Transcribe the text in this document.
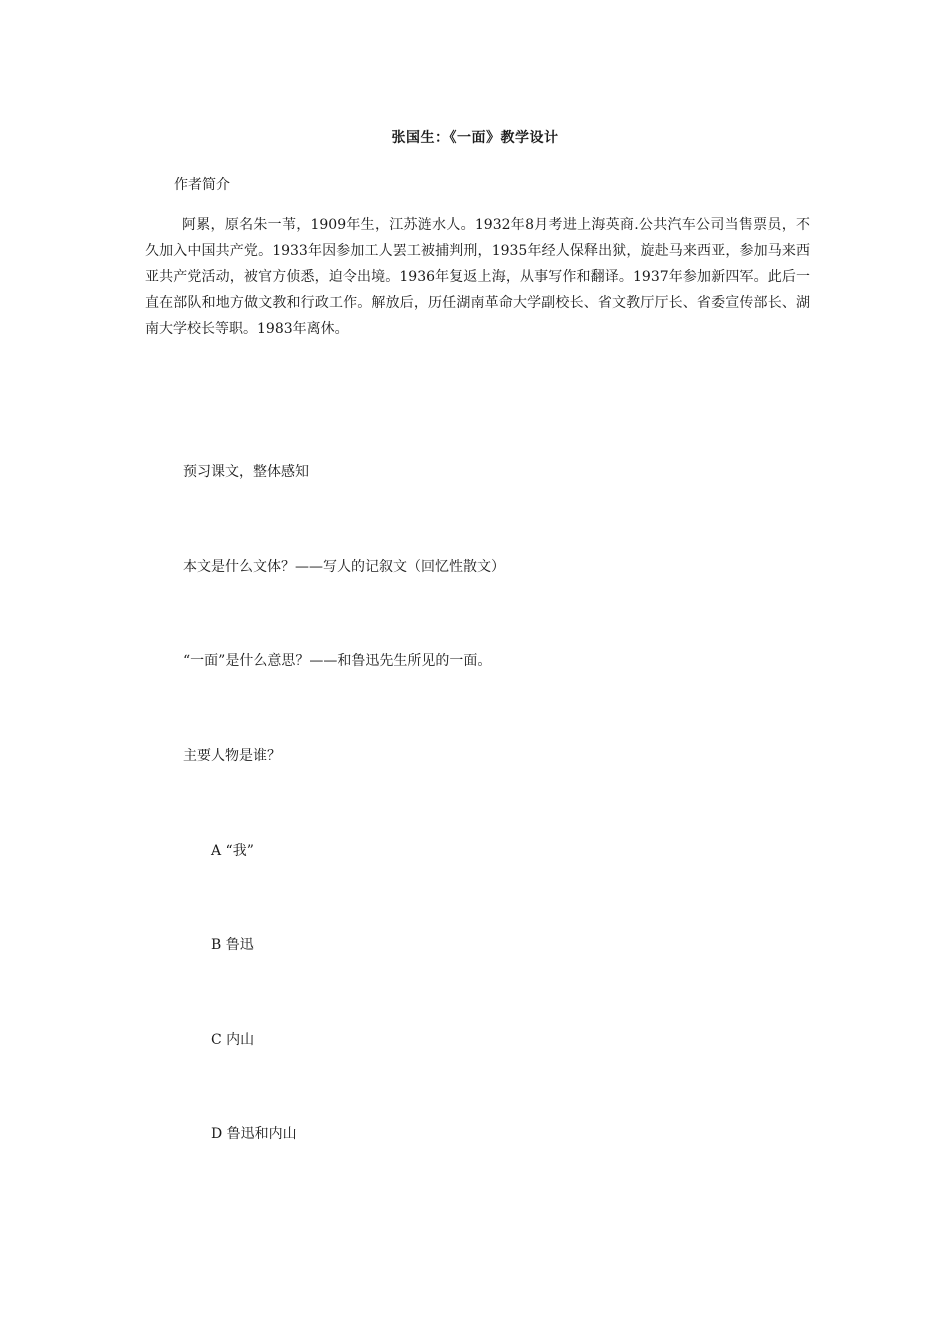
张国生：《一面》教学设计
作者简介
阿累，原名朱一苇，1909年生，江苏涟水人。1932年8月考进上海英商.公共汽车公司当售票员，不久加入中国共产党。1933年因参加工人罢工被捕判刑，1935年经人保释出狱，旋赴马来西亚，参加马来西亚共产党活动，被官方侦悉，迫令出境。1936年复返上海，从事写作和翻译。1937年参加新四军。此后一直在部队和地方做文教和行政工作。解放后，历任湖南革命大学副校长、省文教厅厅长、省委宣传部长、湖南大学校长等职。1983年离休。
预习课文，整体感知
本文是什么文体？——写人的记叙文（回忆性散文）
“一面”是什么意思？——和鲁迅先生所见的一面。
主要人物是谁？
A “我”
B 鲁迅
C 内山
D 鲁迅和内山
